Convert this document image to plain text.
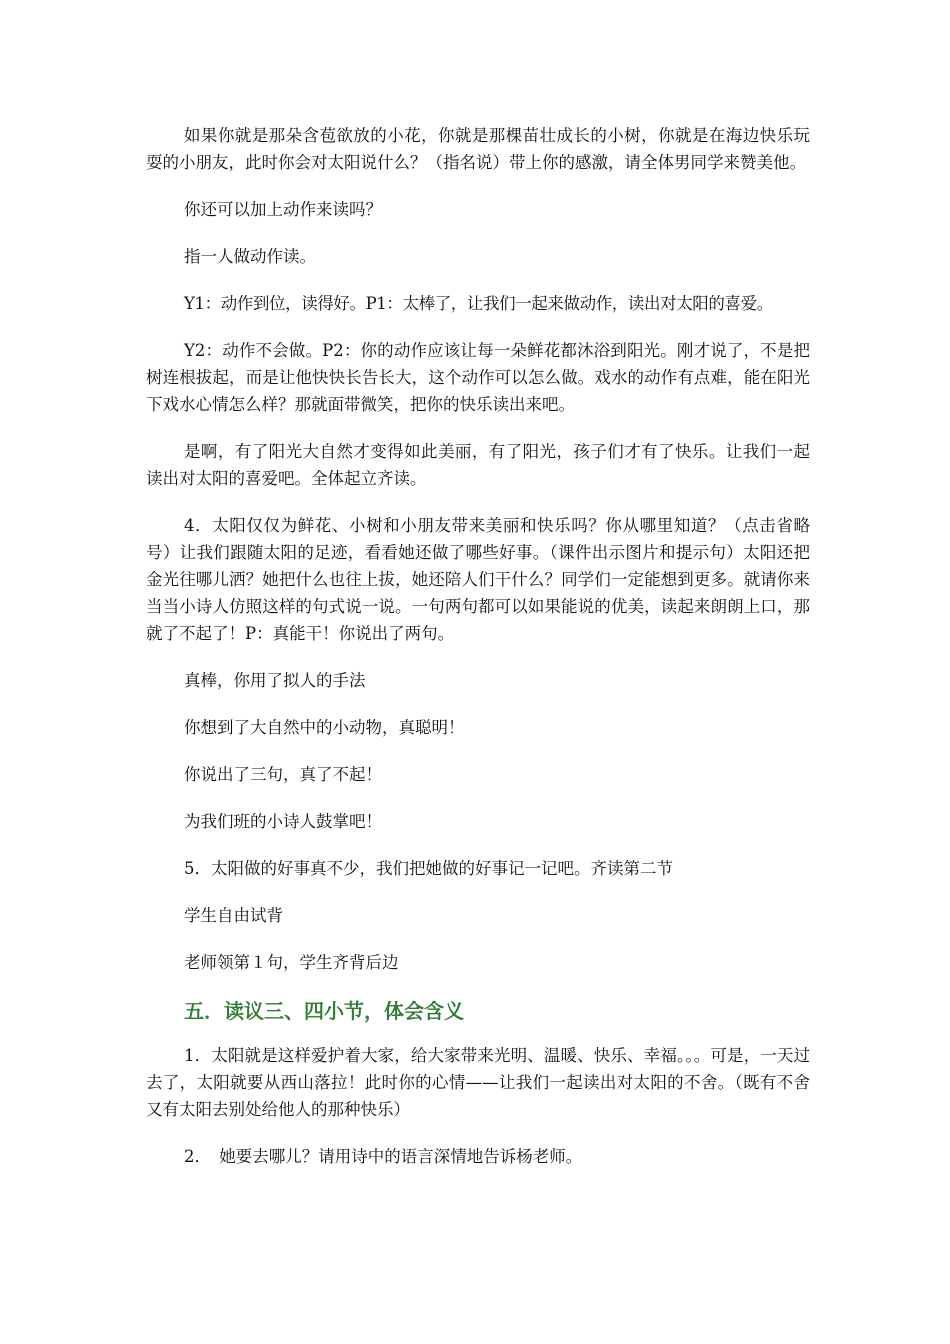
如果你就是那朵含苞欲放的小花，你就是那棵苗壮成长的小树，你就是在海边快乐玩耍的小朋友，此时你会对太阳说什么？（指名说）带上你的感激，请全体男同学来赞美他。

你还可以加上动作来读吗？

指一人做动作读。

Y1：动作到位，读得好。P1：太棒了，让我们一起来做动作，读出对太阳的喜爱。

Y2：动作不会做。P2：你的动作应该让每一朵鲜花都沐浴到阳光。刚才说了，不是把树连根拔起，而是让他快快长告长大，这个动作可以怎么做。戏水的动作有点难，能在阳光下戏水心情怎么样？那就面带微笑，把你的快乐读出来吧。

是啊，有了阳光大自然才变得如此美丽，有了阳光，孩子们才有了快乐。让我们一起读出对太阳的喜爱吧。全体起立齐读。

4．太阳仅仅为鲜花、小树和小朋友带来美丽和快乐吗？你从哪里知道？（点击省略号）让我们跟随太阳的足迹，看看她还做了哪些好事。（课件出示图片和提示句）太阳还把金光往哪儿洒？她把什么也往上拔，她还陪人们干什么？同学们一定能想到更多。就请你来当当小诗人仿照这样的句式说一说。一句两句都可以如果能说的优美，读起来朗朗上口，那就了不起了！P：真能干！你说出了两句。

真棒，你用了拟人的手法

你想到了大自然中的小动物，真聪明！

你说出了三句，真了不起！

为我们班的小诗人鼓掌吧！

5．太阳做的好事真不少，我们把她做的好事记一记吧。齐读第二节

学生自由试背

老师领第１句，学生齐背后边

五．读议三、四小节，体会含义

1．太阳就是这样爱护着大家，给大家带来光明、温暖、快乐、幸福。。。可是，一天过去了，太阳就要从西山落拉！此时你的心情——让我们一起读出对太阳的不舍。（既有不舍又有太阳去别处给他人的那种快乐）

2．　她要去哪儿？请用诗中的语言深情地告诉杨老师。
